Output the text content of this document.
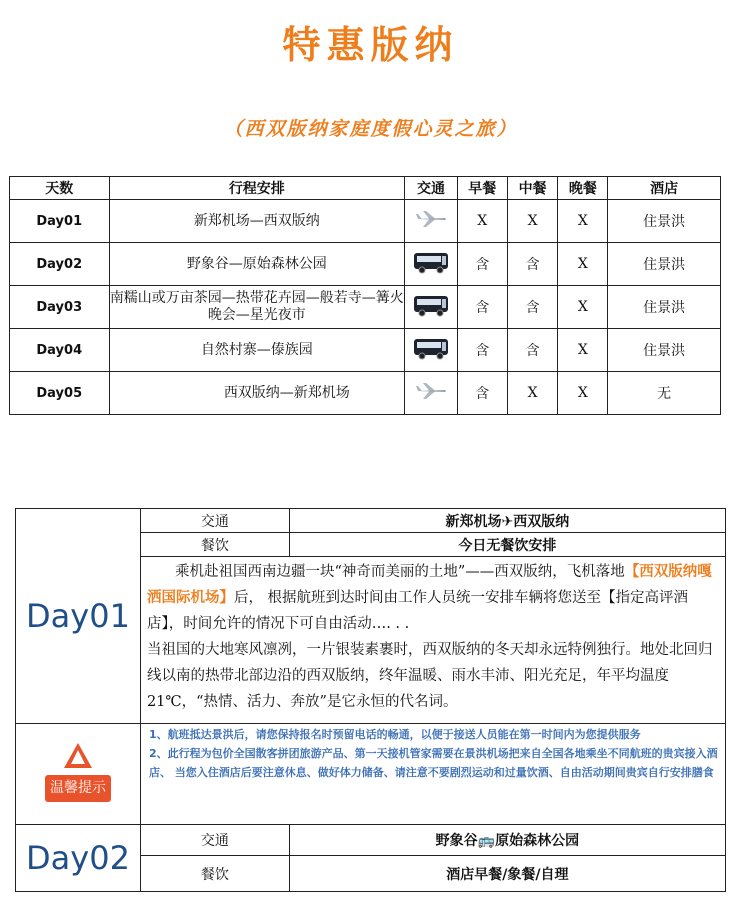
特惠版纳
（西双版纳家庭度假心灵之旅）
天数	行程安排	交通	早餐	中餐	晚餐	酒店
Day01	新郑机场—西双版纳		X	X	X	住景洪
Day02	野象谷—原始森林公园		含	含	X	住景洪
Day03	南糯山或万亩茶园—热带花卉园—般若寺—篝火晚会—星光夜市		含	含	X	住景洪
Day04	自然村寨—傣族园		含	含	X	住景洪
Day05	西双版纳—新郑机场		含	X	X	无
Day01	交通	新郑机场✈西双版纳
	餐饮	今日无餐饮安排
	乘机赴祖国西南边疆一块“神奇而美丽的土地”——西双版纳，飞机落地【西双版纳嘎洒国际机场】后， 根据航班到达时间由工作人员统一安排车辆将您送至【指定高评酒店】，时间允许的情况下可自由活动…. . .
当祖国的大地寒风凛冽，一片银装素裹时，西双版纳的冬天却永远特例独行。地处北回归线以南的热带北部边沿的西双版纳，终年温暖、雨水丰沛、阳光充足，年平均温度 21℃，“热情、活力、奔放”是它永恒的代名词。	

温馨提示	1、航班抵达景洪后，请您保持报名时预留电话的畅通，以便于接送人员能在第一时间内为您提供服务
2、此行程为包价全国散客拼团旅游产品、第一天接机管家需要在景洪机场把来自全国各地乘坐不同航班的贵宾接入酒店、 当您入住酒店后要注意休息、做好体力储备、请注意不要剧烈运动和过量饮酒、自由活动期间贵宾自行安排膳食	

Day02	交通	野象谷🚌原始森林公园
	餐饮	酒店早餐/象餐/自理
